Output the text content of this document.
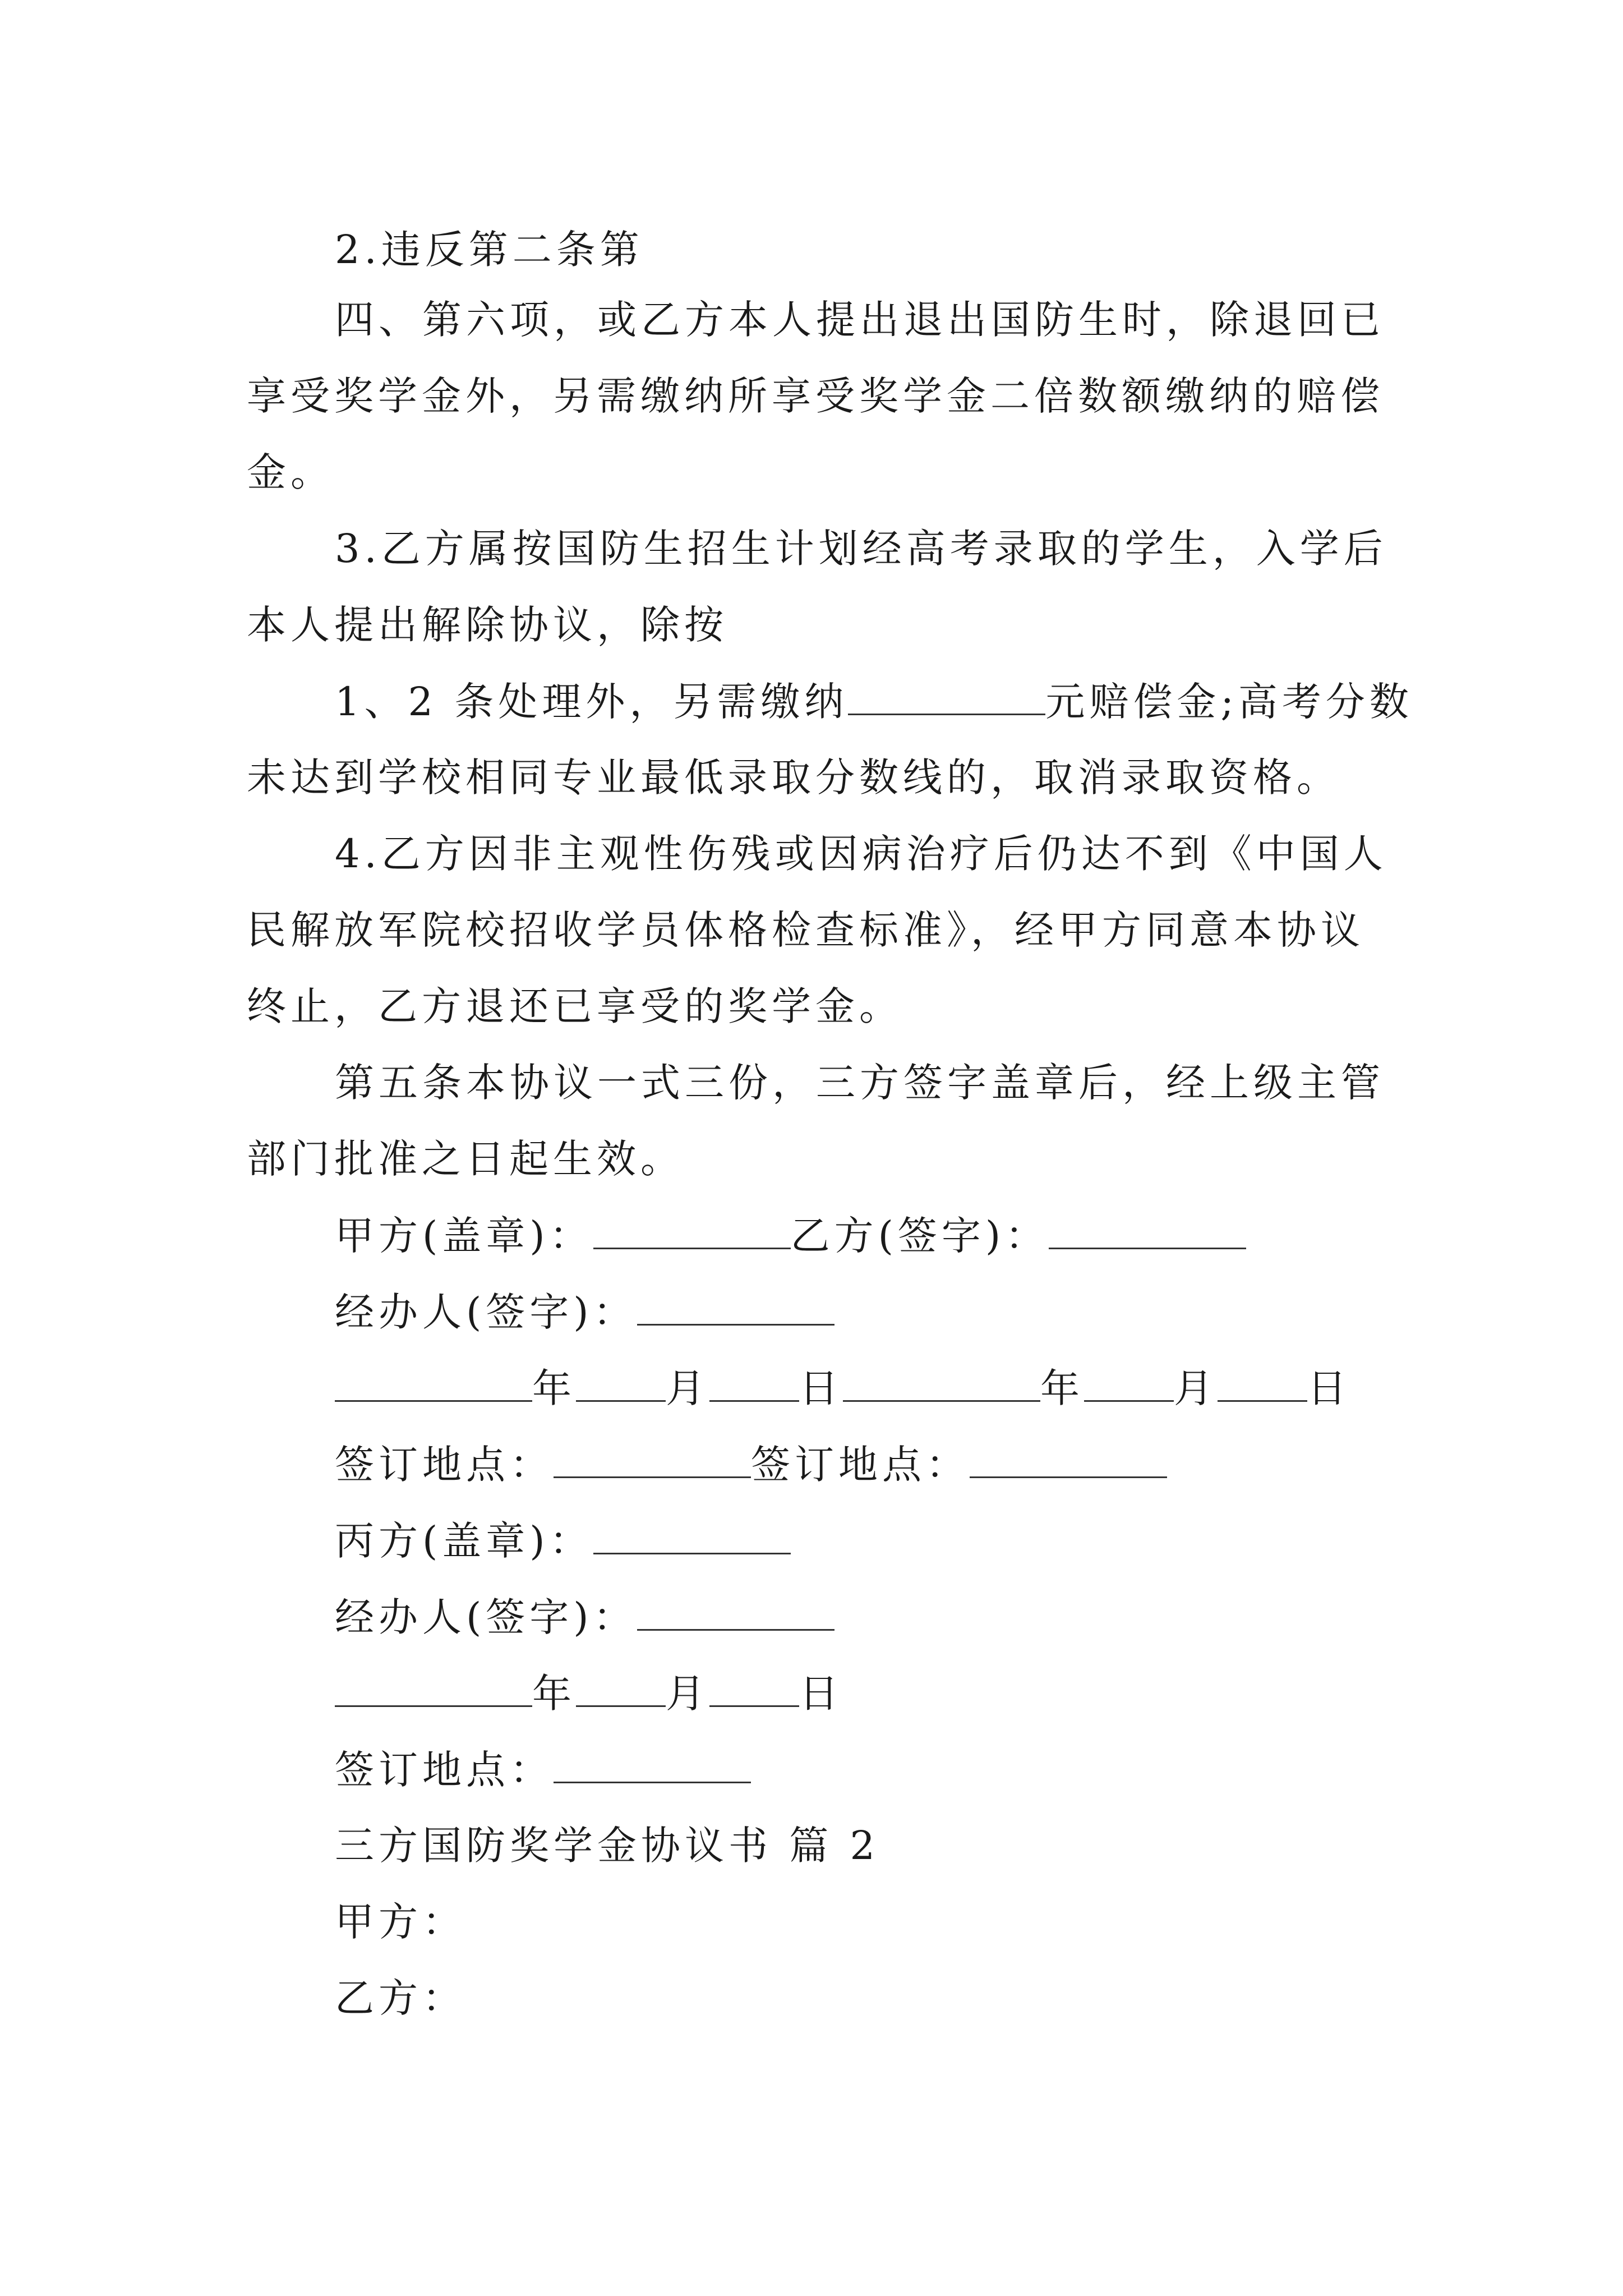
2.违反第二条第
四、第六项，或乙方本人提出退出国防生时，除退回已
享受奖学金外，另需缴纳所享受奖学金二倍数额缴纳的赔偿
金。
3.乙方属按国防生招生计划经高考录取的学生，入学后
本人提出解除协议，除按
1、2 条处理外，另需缴纳	元赔偿金;高考分数
未达到学校相同专业最低录取分数线的，取消录取资格。
4.乙方因非主观性伤残或因病治疗后仍达不到《中国人
民解放军院校招收学员体格检查标准》，经甲方同意本协议
终止，乙方退还已享受的奖学金。
第五条本协议一式三份，三方签字盖章后，经上级主管
部门批准之日起生效。
甲方(盖章)：	乙方(签字)：
经办人(签字)：
年 月 日	年 月 日
签订地点：	签订地点：
丙方(盖章)：
经办人(签字)：
年 月 日
签订地点：
三方国防奖学金协议书 篇 2
甲方：
乙方：
